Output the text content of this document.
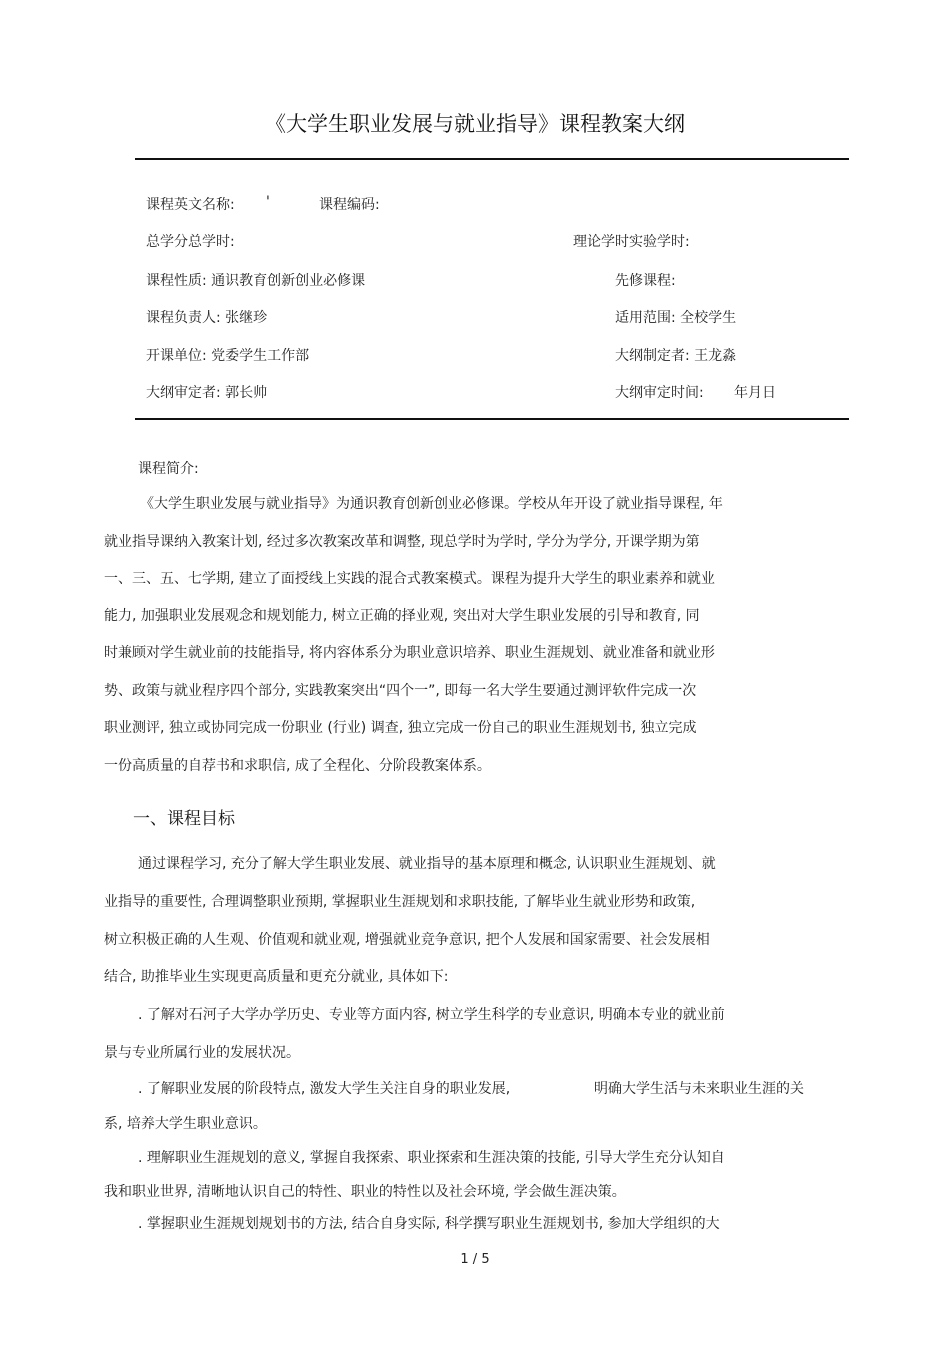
《大学生职业发展与就业指导》课程教案大纲
课程英文名称: '	课程编码:
总学分总学时:	理论学时实验学时:
课程性质: 通识教育创新创业必修课	先修课程:
课程负责人: 张继珍	适用范围: 全校学生
开课单位: 党委学生工作部	大纲制定者: 王龙淼
大纲审定者: 郭长帅	大纲审定时间: 年月日
课程简介:
《大学生职业发展与就业指导》为通识教育创新创业必修课。学校从年开设了就业指导课程, 年
就业指导课纳入教案计划, 经过多次教案改革和调整, 现总学时为学时, 学分为学分, 开课学期为第
一、三、五、七学期, 建立了面授线上实践的混合式教案模式。课程为提升大学生的职业素养和就业
能力, 加强职业发展观念和规划能力, 树立正确的择业观, 突出对大学生职业发展的引导和教育, 同
时兼顾对学生就业前的技能指导, 将内容体系分为职业意识培养、职业生涯规划、就业准备和就业形
势、政策与就业程序四个部分, 实践教案突出“四个一”, 即每一名大学生要通过测评软件完成一次
职业测评, 独立或协同完成一份职业 (行业) 调查, 独立完成一份自己的职业生涯规划书, 独立完成
一份高质量的自荐书和求职信, 成了全程化、分阶段教案体系。
一、课程目标
通过课程学习, 充分了解大学生职业发展、就业指导的基本原理和概念, 认识职业生涯规划、就
业指导的重要性, 合理调整职业预期, 掌握职业生涯规划和求职技能, 了解毕业生就业形势和政策,
树立积极正确的人生观、价值观和就业观, 增强就业竞争意识, 把个人发展和国家需要、社会发展相
结合, 助推毕业生实现更高质量和更充分就业, 具体如下:
. 了解对石河子大学办学历史、专业等方面内容, 树立学生科学的专业意识, 明确本专业的就业前
景与专业所属行业的发展状况。
. 了解职业发展的阶段特点, 激发大学生关注自身的职业发展,	明确大学生活与未来职业生涯的关
系, 培养大学生职业意识。
. 理解职业生涯规划的意义, 掌握自我探索、职业探索和生涯决策的技能, 引导大学生充分认知自
我和职业世界, 清晰地认识自己的特性、职业的特性以及社会环境, 学会做生涯决策。
. 掌握职业生涯规划规划书的方法, 结合自身实际, 科学撰写职业生涯规划书, 参加大学组织的大
1 / 5
